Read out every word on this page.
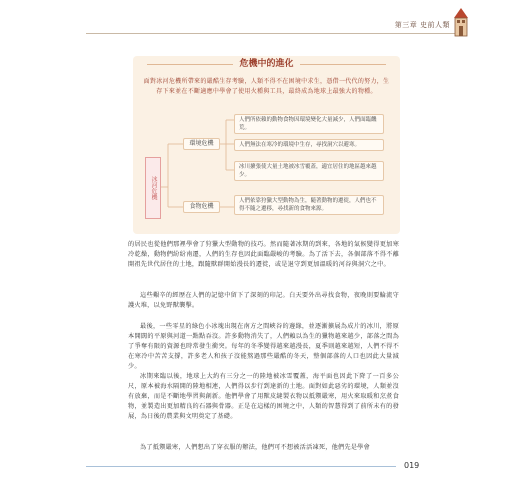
第三章 史前人類
危機中的進化
面對冰河危機所帶來的嚴酷生存考驗，人類不得不在困境中求生，憑借一代代的努力，生存下來並在不斷適應中學會了使用火種與工具，最終成為地球上最強大的物種。
冰河危機
環境危機
食物危機
人們所依賴的動物食物因環境變化大量減少，人們面臨饑荒。
人們無法在寒冷的環境中生存，尋找洞穴以避寒。
冰川擴張使大量土地被冰雪覆蓋，適宜居住的地區越來越少。
人們依靠狩獵大型動物為生，隨著動物的遷徙，人們也不得不隨之遷移，尋找新的食物來源。
的居民也從他們那裡學會了狩獵大型動物的技巧。然而隨著冰期的到來，各地的氣候變得更加寒冷乾燥，動物們紛紛南遷，人們的生存也因此面臨嚴峻的考驗。為了活下去，各個部落不得不離開祖先世代居住的土地，跟隨獸群開始漫長的遷徙，或是退守到更加溫暖的河谷與洞穴之中。
這些艱辛的經歷在人們的記憶中留下了深刻的印記。白天要外出尋找食物，夜晚則要輪流守護火堆，以免野獸襲擊。
最後，一些零星的綠色小冰塊出現在南方之間峽谷的邊緣，並逐漸擴展為成片的冰川，將原本開闊的平原與河道一點點吞沒。許多動物消失了，人們賴以為生的獵物越來越少，部落之間為了爭奪有限的資源也時常發生衝突。每年的冬季變得越來越漫長，夏季則越來越短，人們不得不在寒冷中苦苦支撐，許多老人和孩子沒能熬過那些嚴酷的冬天，整個部落的人口也因此大量減少。
冰期來臨以後，地球上大約有三分之一的陸地被冰雪覆蓋，海平面也因此下降了一百多公尺，原本被海水隔開的陸地相連，人們得以步行到達新的土地。面對如此惡劣的環境，人類並沒有放棄，而是不斷地學習與創新。他們學會了用獸皮縫製衣物以抵禦嚴寒，用火來取暖和烹煮食物，並製造出更加精良的石器與骨器。正是在這樣的困境之中，人類的智慧得到了前所未有的發展，為日後的農業與文明奠定了基礎。
為了抵禦嚴寒，人們想出了穿衣服的辦法，他們可不想被活活凍死，他們先是學會
019
